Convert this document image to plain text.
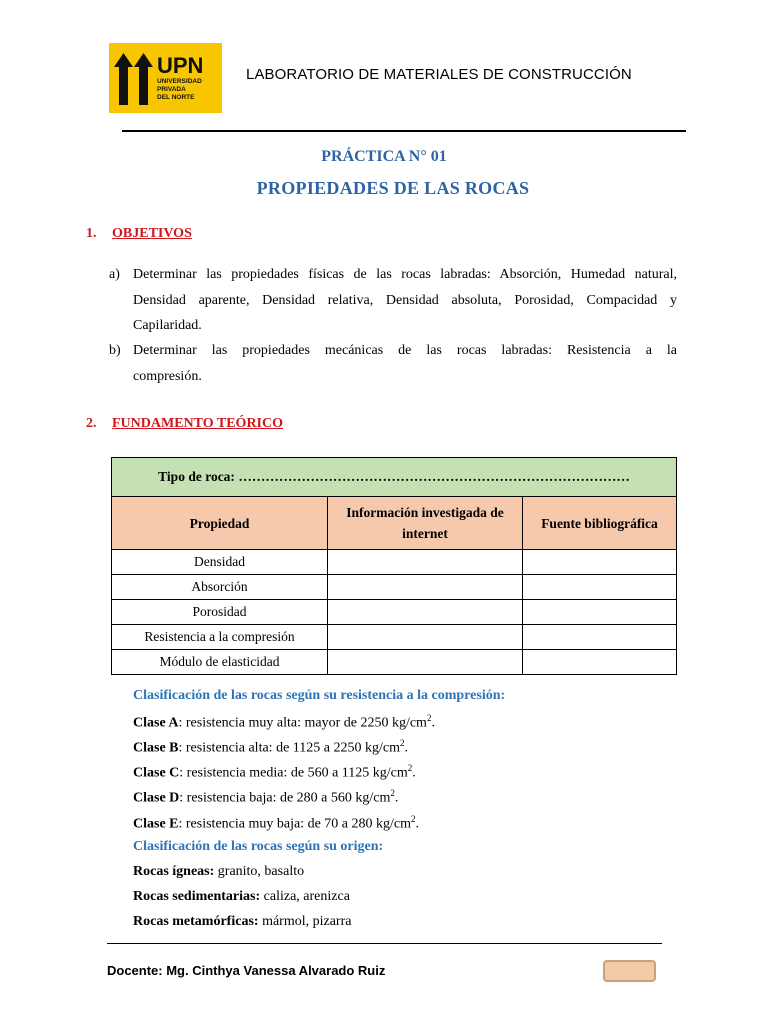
UPN
UNIVERSIDAD
PRIVADA
DEL NORTE
LABORATORIO DE MATERIALES DE CONSTRUCCIÓN
PRÁCTICA N° 01
PROPIEDADES DE LAS ROCAS
1. OBJETIVOS
a) Determinar las propiedades físicas de las rocas labradas: Absorción, Humedad natural,
Densidad aparente, Densidad relativa, Densidad absoluta, Porosidad, Compacidad y
Capilaridad.
b) Determinar las propiedades mecánicas de las rocas labradas: Resistencia a la
compresión.
2. FUNDAMENTO TEÓRICO
Tipo de roca: ……………………………………………………………………………		
Propiedad	Información investigada de internet	Fuente bibliográfica
Densidad		
Absorción		
Porosidad		
Resistencia a la compresión		
Módulo de elasticidad		
Clasificación de las rocas según su resistencia a la compresión:
Clase A: resistencia muy alta: mayor de 2250 $kg/cm^2$.
Clase B: resistencia alta: de 1125 a 2250 $kg/cm^2$.
Clase C: resistencia media: de 560 a 1125 $kg/cm^2$.
Clase D: resistencia baja: de 280 a 560 $kg/cm^2$.
Clase E: resistencia muy baja: de 70 a 280 $kg/cm^2$.
Clasificación de las rocas según su origen:
Rocas ígneas: granito, basalto
Rocas sedimentarias: caliza, arenizca
Rocas metamórficas: mármol, pizarra
Docente: Mg. Cinthya Vanessa Alvarado Ruiz
